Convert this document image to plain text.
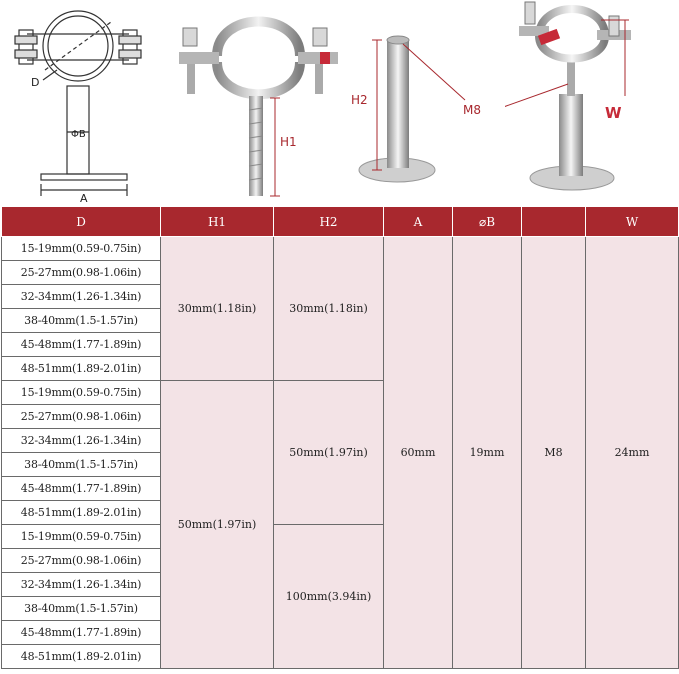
D
ΦB
A
H1
H2
M8	W
D	H1	H2	A	⌀B		W
15-19mm(0.59-0.75in)	30mm(1.18in)	30mm(1.18in)	60mm	19mm	M8	24mm
25-27mm(0.98-1.06in)						
32-34mm(1.26-1.34in)						
38-40mm(1.5-1.57in)						
45-48mm(1.77-1.89in)						
48-51mm(1.89-2.01in)						
15-19mm(0.59-0.75in)	50mm(1.97in)	50mm(1.97in)				
25-27mm(0.98-1.06in)						
32-34mm(1.26-1.34in)						
38-40mm(1.5-1.57in)						
45-48mm(1.77-1.89in)						
48-51mm(1.89-2.01in)						
15-19mm(0.59-0.75in)		100mm(3.94in)				
25-27mm(0.98-1.06in)						
32-34mm(1.26-1.34in)						
38-40mm(1.5-1.57in)						
45-48mm(1.77-1.89in)						
48-51mm(1.89-2.01in)						
